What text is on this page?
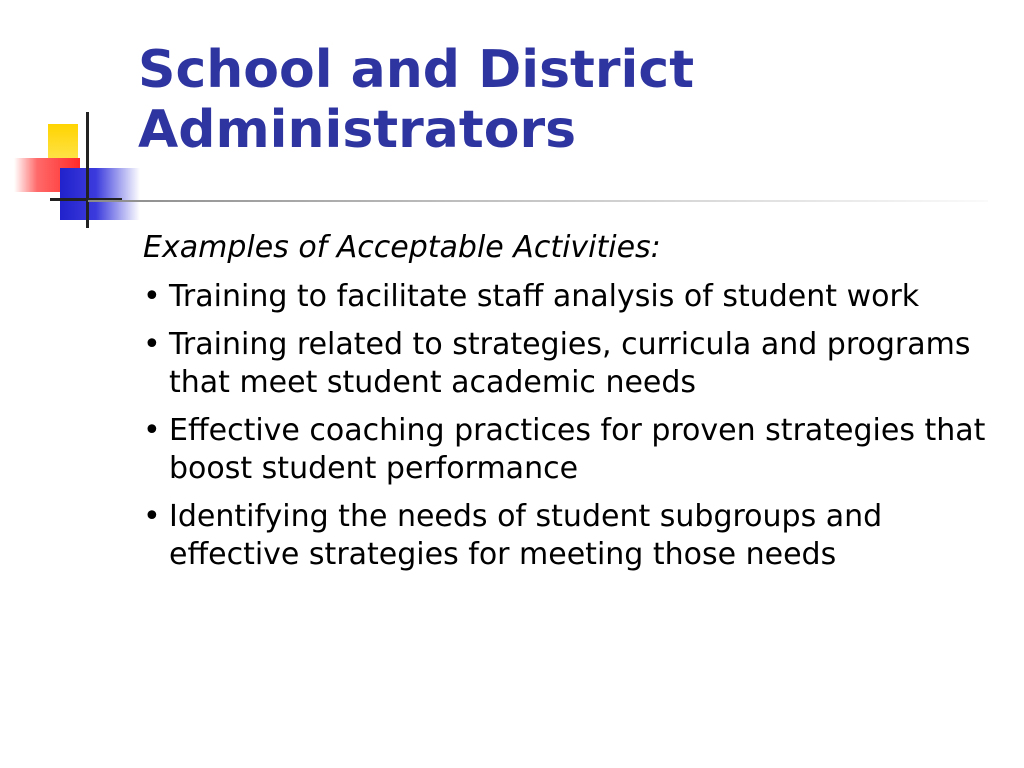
School and District
Administrators

Examples of Acceptable Activities:

• Training to facilitate staff analysis of student work
• Training related to strategies, curricula and programs that meet student academic needs
• Effective coaching practices for proven strategies that boost student performance
• Identifying the needs of student subgroups and effective strategies for meeting those needs
